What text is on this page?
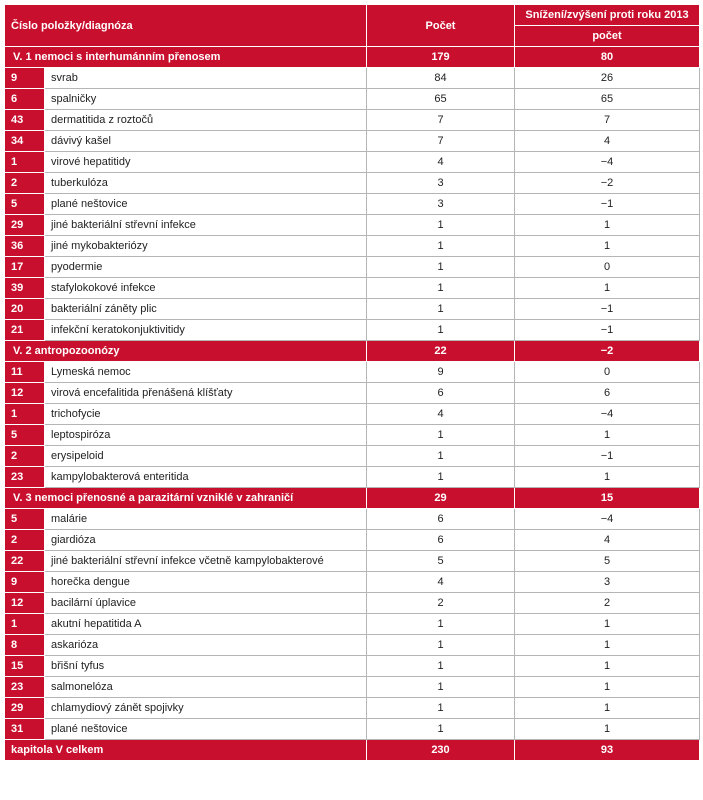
Číslo položky/diagnóza		Počet	Snížení/zvýšení proti roku 2013
			počet
V. 1 nemoci s interhumánním přenosem		179	80
9	svrab	84	26
6	spalničky	65	65
43	dermatitida z roztočů	7	7
34	dávivý kašel	7	4
1	virové hepatitidy	4	−4
2	tuberkulóza	3	−2
5	plané neštovice	3	−1
29	jiné bakteriální střevní infekce	1	1
36	jiné mykobakteriózy	1	1
17	pyodermie	1	0
39	stafylokokové infekce	1	1
20	bakteriální záněty plic	1	−1
21	infekční keratokonjuktivitidy	1	−1
V. 2 antropozoonózy		22	−2
11	Lymeská nemoc	9	0
12	virová encefalitida přenášená klíšťaty	6	6
1	trichofycie	4	−4
5	leptospiróza	1	1
2	erysipeloid	1	−1
23	kampylobakterová enteritida	1	1
V. 3 nemoci přenosné a parazitární vzniklé v zahraničí		29	15
5	malárie	6	−4
2	giardióza	6	4
22	jiné bakteriální střevní infekce včetně kampylobakterové	5	5
9	horečka dengue	4	3
12	bacilární úplavice	2	2
1	akutní hepatitida A	1	1
8	askarióza	1	1
15	břišní tyfus	1	1
23	salmonelóza	1	1
29	chlamydiový zánět spojivky	1	1
31	plané neštovice	1	1
kapitola V celkem		230	93
